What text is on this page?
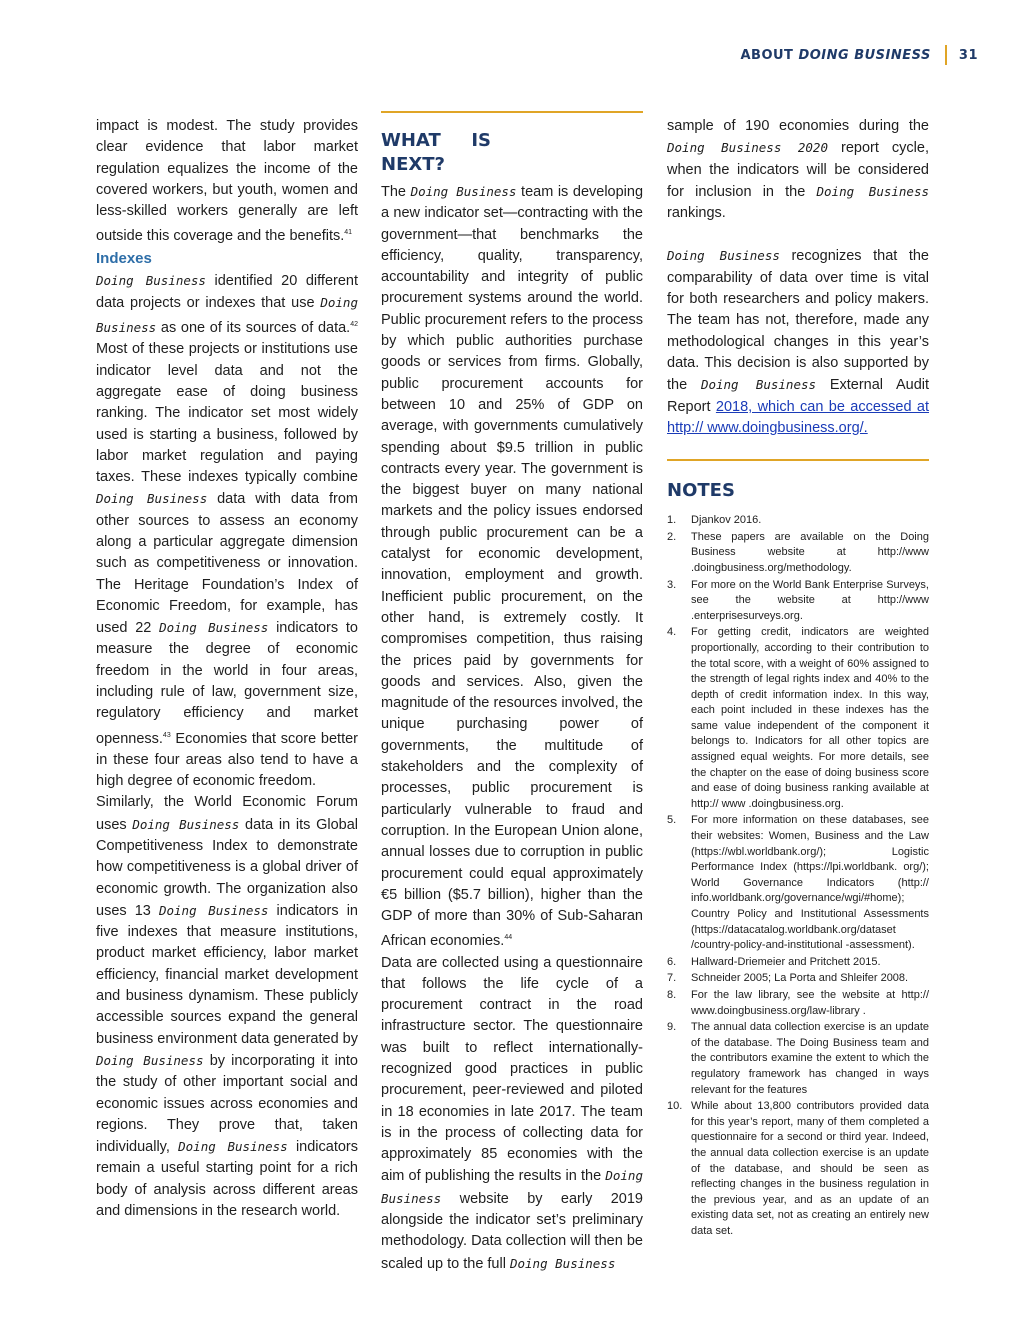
ABOUT DOING BUSINESS 31

impact is modest. The study provides clear evidence that labor market regulation equalizes the income of the covered workers, but youth, women and less-skilled workers generally are left outside this coverage and the benefits.$^{41}$

Indexes

Doing Business identified 20 different data projects or indexes that use Doing Business as one of its sources of data.$^{42}$ Most of these projects or institutions use indicator level data and not the aggregate ease of doing business ranking. The indicator set most widely used is starting a business, followed by labor market regulation and paying taxes. These indexes typically combine Doing Business data with data from other sources to assess an economy along a particular aggregate dimension such as competitiveness or innovation. The Heritage Foundation’s Index of Economic Freedom, for example, has used 22 Doing Business indicators to measure the degree of economic freedom in the world in four areas, including rule of law, government size, regulatory efficiency and market openness.$^{43}$ Economies that score better in these four areas also tend to have a high degree of economic freedom.

Similarly, the World Economic Forum uses Doing Business data in its Global Competitiveness Index to demonstrate how competitiveness is a global driver of economic growth. The organization also uses 13 Doing Business indicators in five indexes that measure institutions, product market efficiency, labor market efficiency, financial market development and business dynamism. These publicly accessible sources expand the general business environment data generated by Doing Business by incorporating it into the study of other important social and economic issues across economies and regions. They prove that, taken individually, Doing Business indicators remain a useful starting point for a rich body of analysis across different areas and dimensions in the research world.

WHAT IS NEXT?

The Doing Business team is developing a new indicator set—contracting with the government—that benchmarks the efficiency, quality, transparency, accountability and integrity of public procurement systems around the world. Public procurement refers to the process by which public authorities purchase goods or services from firms. Globally, public procurement accounts for between 10 and 25% of GDP on average, with governments cumulatively spending about $9.5 trillion in public contracts every year. The government is the biggest buyer on many national markets and the policy issues endorsed through public procurement can be a catalyst for economic development, innovation, employment and growth. Inefficient public procurement, on the other hand, is extremely costly. It compromises competition, thus raising the prices paid by governments for goods and services. Also, given the magnitude of the resources involved, the unique purchasing power of governments, the multitude of stakeholders and the complexity of processes, public procurement is particularly vulnerable to fraud and corruption. In the European Union alone, annual losses due to corruption in public procurement could equal approximately €5 billion ($5.7 billion), higher than the GDP of more than 30% of Sub-Saharan African economies.$^{44}$

Data are collected using a questionnaire that follows the life cycle of a procurement contract in the road infrastructure sector. The questionnaire was built to reflect internationally-recognized good practices in public procurement, peer-reviewed and piloted in 18 economies in late 2017. The team is in the process of collecting data for approximately 85 economies with the aim of publishing the results in the Doing Business website by early 2019 alongside the indicator set’s preliminary methodology. Data collection will then be scaled up to the full Doing Business

sample of 190 economies during the Doing Business 2020 report cycle, when the indicators will be considered for inclusion in the Doing Business rankings.

Doing Business recognizes that the comparability of data over time is vital for both researchers and policy makers. The team has not, therefore, made any methodological changes in this year’s data. This decision is also supported by the Doing Business External Audit Report 2018, which can be accessed at http:// www.doingbusiness.org/.

NOTES

1.	Djankov 2016.
2.	These papers are available on the Doing Business website at http://www .doingbusiness.org/methodology.
3.	For more on the World Bank Enterprise Surveys, see the website at http://www .enterprisesurveys.org.
4.	For getting credit, indicators are weighted proportionally, according to their contribution to the total score, with a weight of 60% assigned to the strength of legal rights index and 40% to the depth of credit information index. In this way, each point included in these indexes has the same value independent of the component it belongs to. Indicators for all other topics are assigned equal weights. For more details, see the chapter on the ease of doing business score and ease of doing business ranking available at http:// www .doingbusiness.org.
5.	For more information on these databases, see their websites: Women, Business and the Law (https://wbl.worldbank.org/); Logistic Performance Index (https://lpi.worldbank. org/); World Governance Indicators (http:// info.worldbank.org/governance/wgi/#home); Country Policy and Institutional Assessments (https://datacatalog.worldbank.org/dataset /country-policy-and-institutional -assessment).
6.	Hallward-Driemeier and Pritchett 2015.
7.	Schneider 2005; La Porta and Shleifer 2008.
8.	For the law library, see the website at http:// www.doingbusiness.org/law-library .
9.	The annual data collection exercise is an update of the database. The Doing Business team and the contributors examine the extent to which the regulatory framework has changed in ways relevant for the features
10. While about 13,800 contributors provided data for this year’s report, many of them completed a questionnaire for a second or third year. Indeed, the annual data collection exercise is an update of the database, and should be seen as reflecting changes in the business regulation in the previous year, and as an update of an existing data set, not as creating an entirely new data set.
